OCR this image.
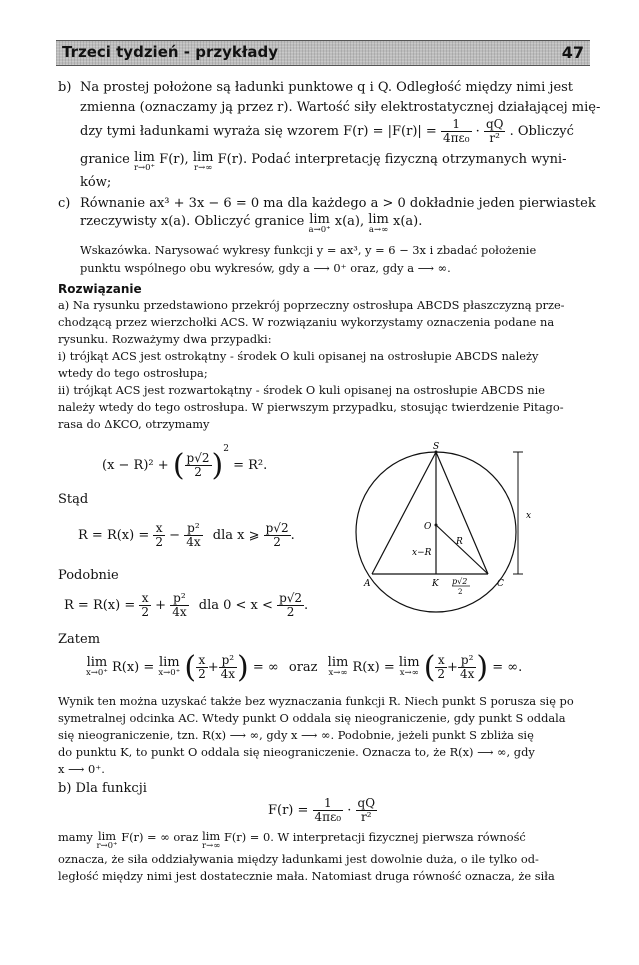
Trzeci tydzień - przykłady	47
b) Na prostej położone są ładunki punktowe q i Q. Odległość między nimi jest
zmienna (oznaczamy ją przez r). Wartość siły elektrostatycznej działającej mię-
dzy tymi ładunkami wyraża się wzorem $F(r) = |F(r)| = \frac{1}{\text{4πε₀}} \cdot \frac{qQ}{\text{r²}}$ . Obliczyć
granice lim
r→0⁺
F(r), lim
r→∞
F(r). Podać interpretację fizyczną otrzymanych wyni-
ków;
c) Równanie ax³ + 3x − 6 = 0 ma dla każdego a > 0 dokładnie jeden pierwiastek
rzeczywisty x(a). Obliczyć granice lim
a→0⁺
x(a), lim
a→∞
x(a).
Wskazówka. Narysować wykresy funkcji y = ax³, y = 6 − 3x i zbadać położenie
punktu wspólnego obu wykresów, gdy a ⟶ 0⁺ oraz, gdy a ⟶ ∞.
Rozwiązanie
a) Na rysunku przedstawiono przekrój poprzeczny ostrosłupa ABCDS płaszczyzną prze-
chodzącą przez wierzchołki ACS. W rozwiązaniu wykorzystamy oznaczenia podane na
rysunku. Rozważymy dwa przypadki:
i) trójkąt ACS jest ostrokątny - środek O kuli opisanej na ostrosłupie ABCDS należy
wtedy do tego ostrosłupa;
ii) trójkąt ACS jest rozwartokątny - środek O kuli opisanej na ostrosłupie ABCDS nie
należy wtedy do tego ostrosłupa. W pierwszym przypadku, stosując twierdzenie Pitago-
rasa do ΔKCO, otrzymamy
(x − R)² + ( $\frac{p√2}{2} )^2 = R^2$.
Stąd
$R = R(x) = \frac{x}{2} - \frac{\text{p²}}{4x}$ dla x ⩾ $\frac{p√2}{2}$ .
Podobnie
$R = R(x) = \frac{x}{2} + \frac{\text{p²}}{4x}$ dla $0 < x < \frac{p√2}{2}$ .
Zatem
lim
x→0⁺ R(x) = lim
x→0⁺ ( $\frac{x}{2} + \frac{\text{p²}}{4x}$ ) = ∞ oraz lim
x→∞ R(x) = lim
x→∞ ( $\frac{x}{2} + \frac{\text{p²}}{4x}$ ) = ∞.
Wynik ten można uzyskać także bez wyznaczania funkcji R. Niech punkt S porusza się po
symetralnej odcinka AC. Wtedy punkt O oddala się nieograniczenie, gdy punkt S oddala
się nieograniczenie, tzn. R(x) ⟶ ∞, gdy x ⟶ ∞. Podobnie, jeżeli punkt S zbliża się
do punktu K, to punkt O oddala się nieograniczenie. Oznacza to, że R(x) ⟶ ∞, gdy
x ⟶ 0⁺.
b) Dla funkcji
$F(r) = \frac{1}{\text{4πε₀}} \cdot \frac{qQ}{\text{r²}}$
mamy lim
r→0⁺
F(r) = ∞ oraz lim
r→∞
F(r) = 0. W interpretacji fizycznej pierwsza równość
oznacza, że siła oddziaływania między ładunkami jest dowolnie duża, o ile tylko od-
ległość między nimi jest dostatecznie mała. Natomiast druga równość oznacza, że siła
S
O
R
x−R
A	K	C
x
p√2
2
